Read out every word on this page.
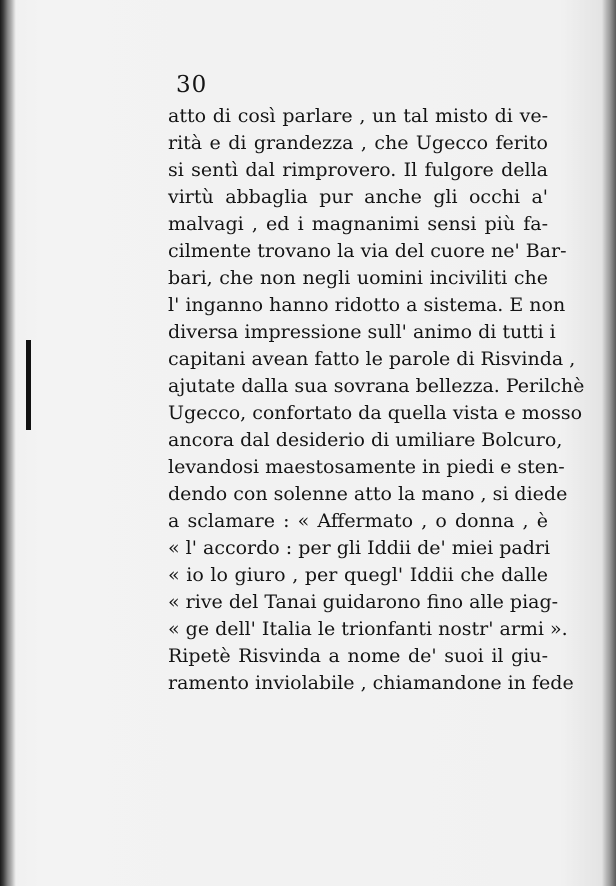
30
atto di così parlare , un tal misto di ve-
rità e di grandezza , che Ugecco ferito
si sentì dal rimprovero. Il fulgore della
virtù abbaglia pur anche gli occhi a'
malvagi , ed i magnanimi sensi più fa-
cilmente trovano la via del cuore ne' Bar-
bari, che non negli uomini inciviliti che
l' inganno hanno ridotto a sistema. E non
diversa impressione sull' animo di tutti i
capitani avean fatto le parole di Risvinda ,
ajutate dalla sua sovrana bellezza. Perilchè
Ugecco, confortato da quella vista e mosso
ancora dal desiderio di umiliare Bolcuro,
levandosi maestosamente in piedi e sten-
dendo con solenne atto la mano , si diede
a sclamare : « Affermato , o donna , è
« l' accordo : per gli Iddii de' miei padri
« io lo giuro , per quegl' Iddii che dalle
« rive del Tanai guidarono fino alle piag-
« ge dell' Italia le trionfanti nostr' armi ».
Ripetè Risvinda a nome de' suoi il giu-
ramento inviolabile , chiamandone in fede
